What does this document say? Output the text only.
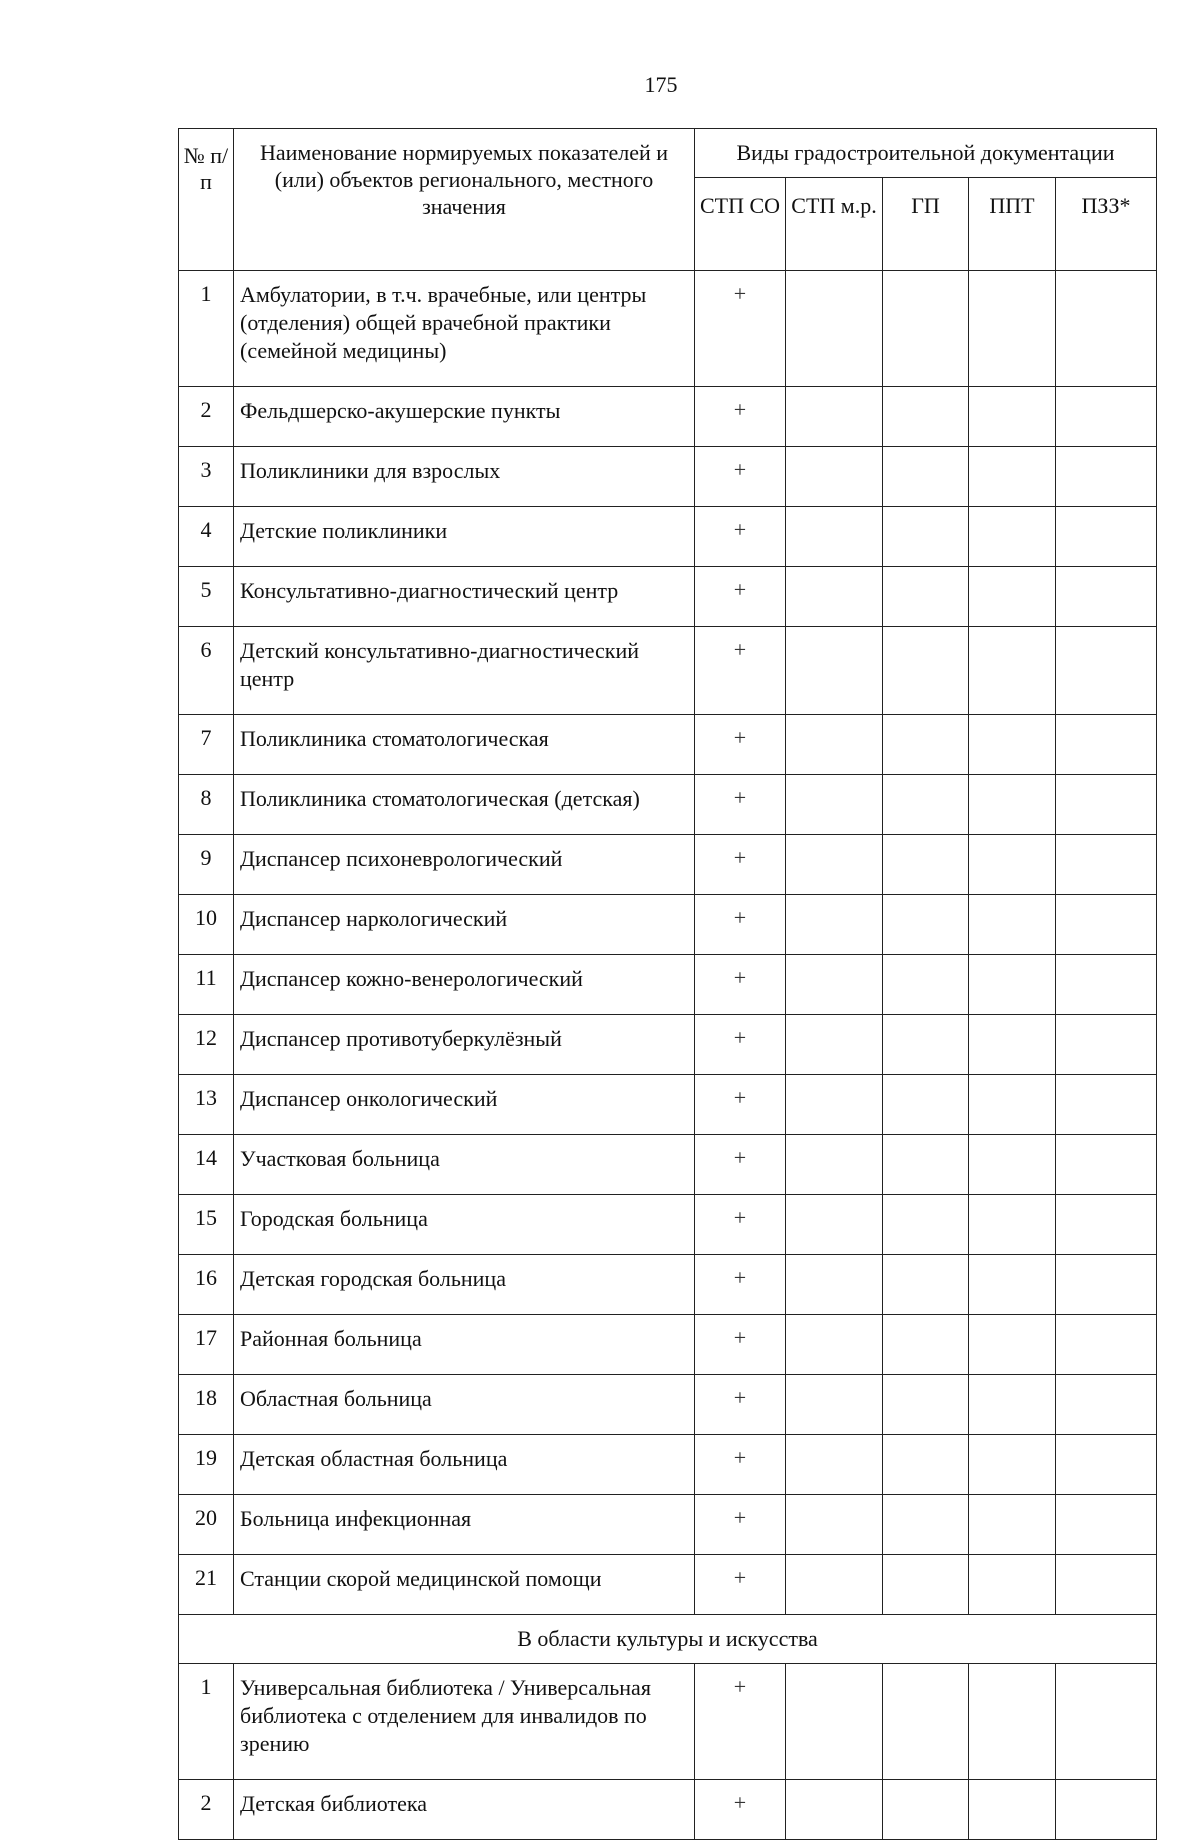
175
№ п/п	Наименование нормируемых показателей и (или) объектов регионального, местного значения	Виды градостроительной документации				
		СТП СО	СТП м.р.	ГП	ППТ	ПЗЗ*
1	Амбулатории, в т.ч. врачебные, или центры (отделения) общей врачебной практики (семейной медицины)	+				
2	Фельдшерско-акушерские пункты	+				
3	Поликлиники для взрослых	+				
4	Детские поликлиники	+				
5	Консультативно-диагностический центр	+				
6	Детский консультативно-диагностический центр	+				
7	Поликлиника стоматологическая	+				
8	Поликлиника стоматологическая (детская)	+				
9	Диспансер психоневрологический	+				
10	Диспансер наркологический	+				
11	Диспансер кожно-венерологический	+				
12	Диспансер противотуберкулёзный	+				
13	Диспансер онкологический	+				
14	Участковая больница	+				
15	Городская больница	+				
16	Детская городская больница	+				
17	Районная больница	+				
18	Областная больница	+				
19	Детская областная больница	+				
20	Больница инфекционная	+				
21	Станции скорой медицинской помощи	+				
В области культуры и искусства						
1	Универсальная библиотека / Универсальная библиотека с отделением для инвалидов по зрению	+				
2	Детская библиотека	+				
